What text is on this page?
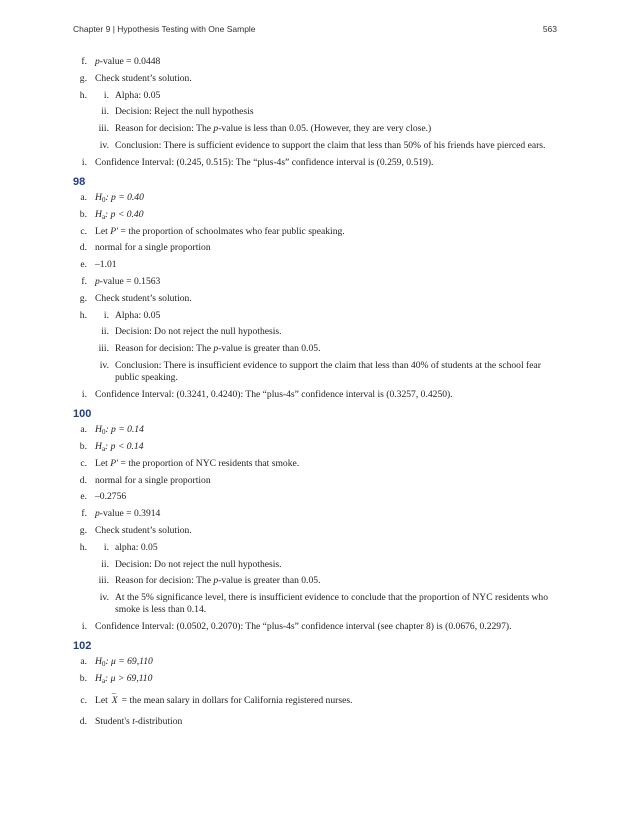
Chapter 9 | Hypothesis Testing with One Sample	563
f. p-value = 0.0448
g. Check student’s solution.
h.	i. Alpha: 0.05
ii. Decision: Reject the null hypothesis
iii. Reason for decision: The p-value is less than 0.05. (However, they are very close.)
iv. Conclusion: There is sufficient evidence to support the claim that less than 50% of his friends have pierced ears.
i. Confidence Interval: (0.245, 0.515): The “plus-4s” confidence interval is (0.259, 0.519).
98
a. $H_0$: p = 0.40
b. $H_a$: p < 0.40
c. Let P′ = the proportion of schoolmates who fear public speaking.
d. normal for a single proportion
e. –1.01
f. p-value = 0.1563
g. Check student’s solution.
h.	i. Alpha: 0.05
ii. Decision: Do not reject the null hypothesis.
iii. Reason for decision: The p-value is greater than 0.05.
iv. Conclusion: There is insufficient evidence to support the claim that less than 40% of students at the school fear public speaking.
i. Confidence Interval: (0.3241, 0.4240): The “plus-4s” confidence interval is (0.3257, 0.4250).
100
a. $H_0$: p = 0.14
b. $H_a$: p < 0.14
c. Let P′ = the proportion of NYC residents that smoke.
d. normal for a single proportion
e. –0.2756
f. p-value = 0.3914
g. Check student’s solution.
h.	i. alpha: 0.05
ii. Decision: Do not reject the null hypothesis.
iii. Reason for decision: The p-value is greater than 0.05.
iv. At the 5% significance level, there is insufficient evidence to conclude that the proportion of NYC residents who smoke is less than 0.14.
i. Confidence Interval: (0.0502, 0.2070): The “plus-4s” confidence interval (see chapter 8) is (0.0676, 0.2297).
102
a. $H_0$: μ = 69,110
b. $H_a$: μ > 69,110
c. Let– X = the mean salary in dollars for California registered nurses.
d. Student's t-distribution
